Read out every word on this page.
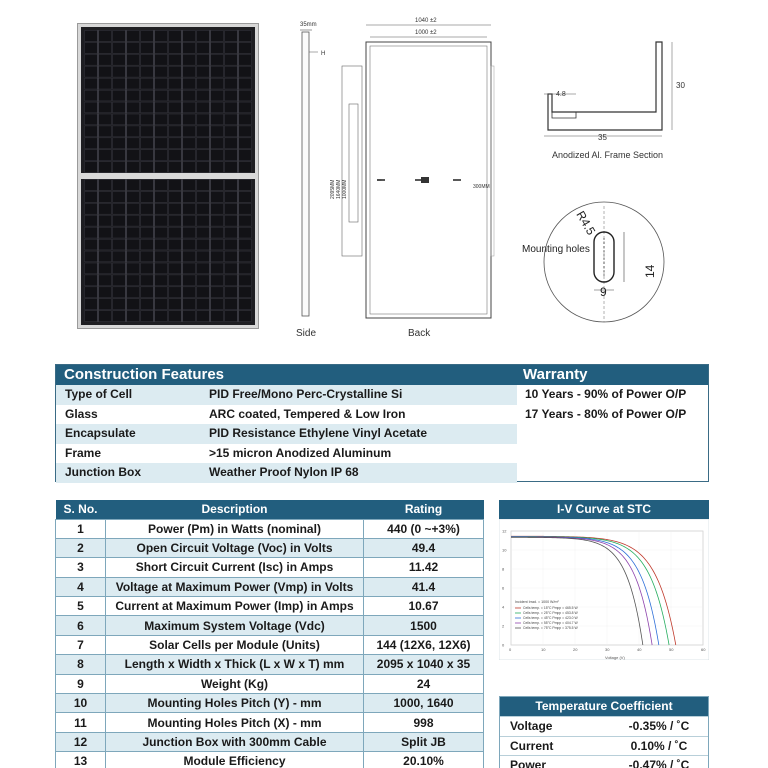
35mm
H
Side
1040 ±2
1000 ±2
2095MM 1640MM 1000MM	300MM
Back
4.8
35
30
Anodized Al. Frame Section
R4.5
Mounting holes
14
9
Construction Features	Warranty
Type of Cell	PID Free/Mono Perc-Crystalline Si	10 Years - 90% of Power O/P
Glass	ARC coated, Tempered & Low Iron	17 Years - 80% of Power O/P
Encapsulate	PID Resistance Ethylene Vinyl Acetate
Frame	>15 micron Anodized Aluminum
Junction Box	Weather Proof Nylon IP 68
S. No.	Description	Rating
1	Power (Pm) in Watts (nominal)	440 (0 ~+3%)
2	Open Circuit Voltage (Voc) in Volts	49.4
3	Short Circuit Current (Isc) in Amps	11.42
4	Voltage at Maximum Power (Vmp) in Volts	41.4
5	Current at Maximum Power (Imp) in Amps	10.67
6	Maximum System Voltage (Vdc)	1500
7	Solar Cells per Module (Units)	144 (12X6, 12X6)
8	Length x Width x Thick (L x W x T) mm	2095 x 1040 x 35
9	Weight (Kg)	24
10	Mounting Holes Pitch (Y) - mm	1000, 1640
11	Mounting Holes Pitch (X) - mm	998
12	Junction Box with 300mm Cable	Split JB
13	Module Efficiency	20.10%
I-V Curve at STC
0	10	20	30	40	50	60
0
2
4
6
8
10
12
Voltage (V)
Incident Irrad. = 1000 W/m²
Cells temp. = 15°C Pmpp = 465.5 W
Cells temp. = 25°C Pmpp = 453.8 W
Cells temp. = 45°C Pmpp = 423.0 W
Cells temp. = 55°C Pmpp = 404.7 W
Cells temp. = 75°C Pmpp = 375.5 W
Temperature Coefficient
Voltage	-0.35% / ˚C
Current	0.10% / ˚C
Power	-0.47% / ˚C
